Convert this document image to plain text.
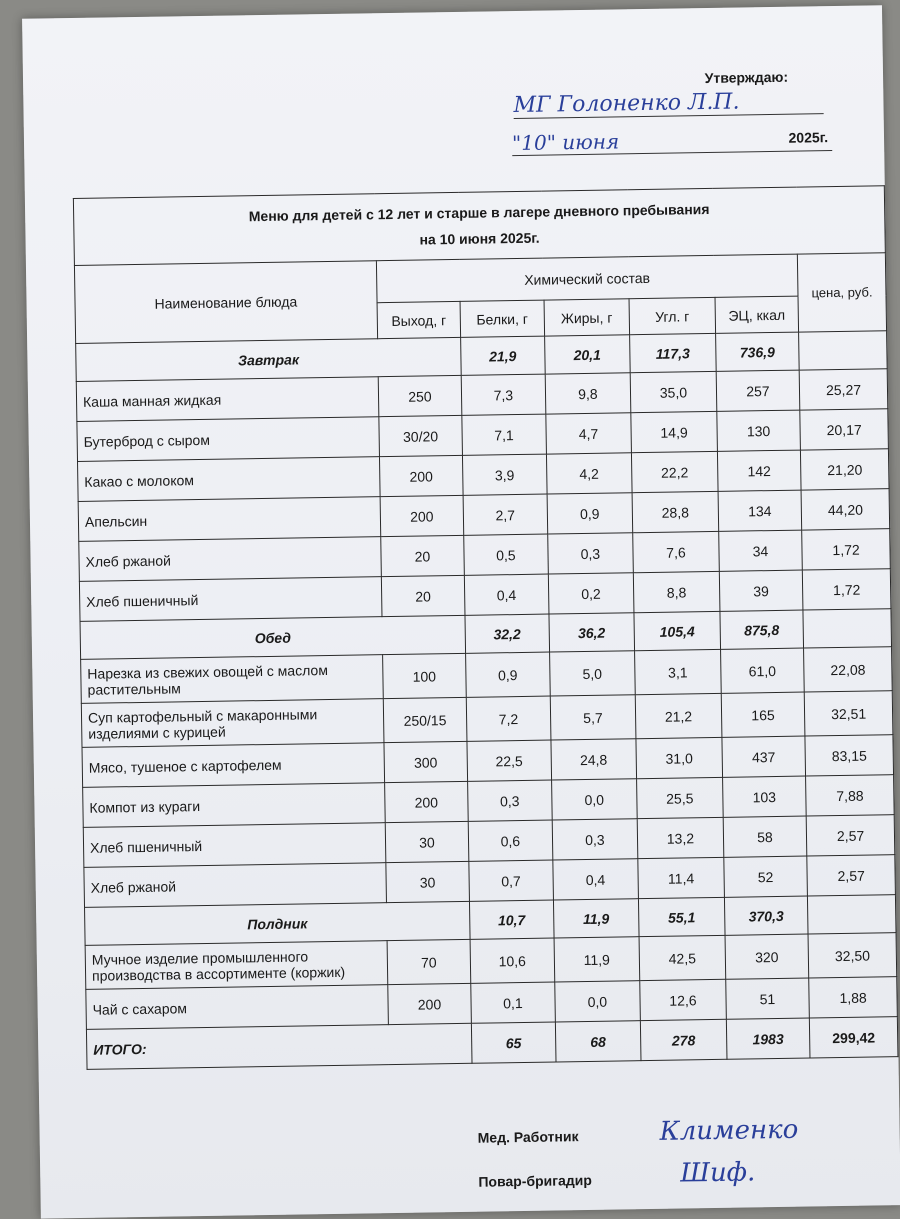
Утверждаю:
МГ Голоненко Л.П.
"10" июня	2025г.
Меню для детей с 12 лет и старше в лагере дневного пребывания
на 10 июня 2025г.						

Наименование блюда	Химический состав					цена, руб.
	Выход, г	Белки, г	Жиры, г	Угл. г	ЭЦ, ккал	
Завтрак		21,9	20,1	117,3	736,9	
Каша манная жидкая	250	7,3	9,8	35,0	257	25,27
Бутерброд с сыром	30/20	7,1	4,7	14,9	130	20,17
Какао с молоком	200	3,9	4,2	22,2	142	21,20
Апельсин	200	2,7	0,9	28,8	134	44,20
Хлеб ржаной	20	0,5	0,3	7,6	34	1,72
Хлеб пшеничный	20	0,4	0,2	8,8	39	1,72
Обед		32,2	36,2	105,4	875,8	
Нарезка из свежих овощей с маслом растительным	100	0,9	5,0	3,1	61,0	22,08
Суп картофельный с макаронными изделиями с курицей	250/15	7,2	5,7	21,2	165	32,51
Мясо, тушеное с картофелем	300	22,5	24,8	31,0	437	83,15
Компот из кураги	200	0,3	0,0	25,5	103	7,88
Хлеб пшеничный	30	0,6	0,3	13,2	58	2,57
Хлеб ржаной	30	0,7	0,4	11,4	52	2,57
Полдник		10,7	11,9	55,1	370,3	
Мучное изделие промышленного производства в ассортименте (коржик)	70	10,6	11,9	42,5	320	32,50
Чай с сахаром	200	0,1	0,0	12,6	51	1,88
ИТОГО:		65	68	278	1983	299,42
Мед. Работник	Клименко
Повар-бригадир	Шиф.
